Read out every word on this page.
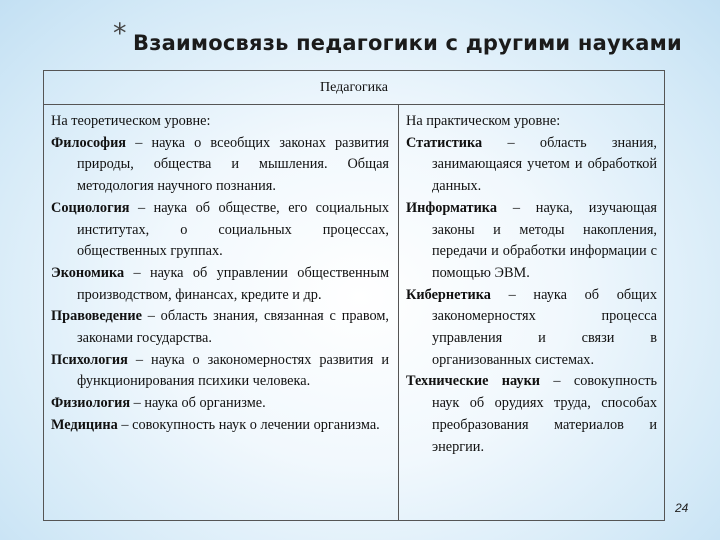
* Взаимосвязь педагогики с другими науками
Педагогика
На теоретическом уровне:
Философия – наука о всеобщих законах развития природы, общества и мышления. Общая методология научного познания.
Социология – наука об обществе, его социальных институтах, о социальных процессах, общественных группах.
Экономика – наука об управлении общественным производством, финансах, кредите и др.
Правоведение – область знания, связанная с правом, законами государства.
Психология – наука о закономерностях развития и функционирования психики человека.
Физиология – наука об организме.
Медицина – совокупность наук о лечении организма.
На практическом уровне:
Статистика – область знания, занимающаяся учетом и обработкой данных.
Информатика – наука, изучающая законы и методы накопления, передачи и обработки информации с помощью ЭВМ.
Кибернетика – наука об общих закономерностях процесса управления и связи в организованных системах.
Технические науки – совокупность наук об орудиях труда, способах преобразования материалов и энергии.
24
